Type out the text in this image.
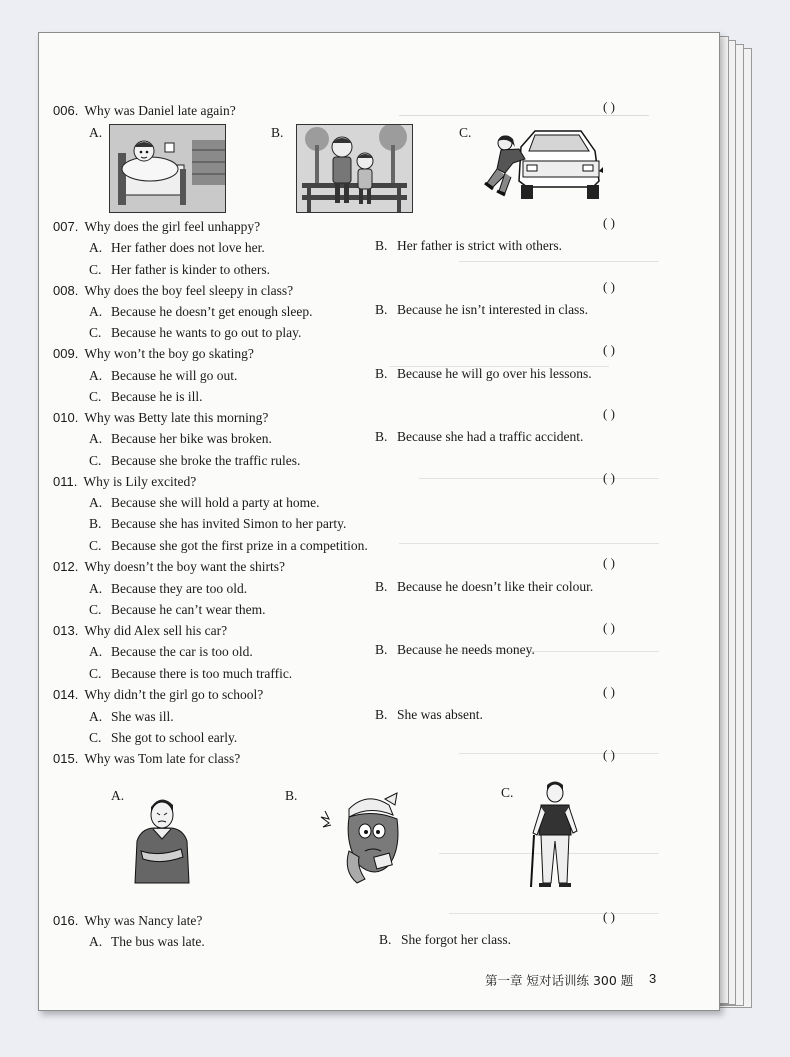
006. Why was Daniel late again?	( )
A.	B.	C.
007. Why does the girl feel unhappy?	( )
A. Her father does not love her.	B. Her father is strict with others.
C. Her father is kinder to others.
008. Why does the boy feel sleepy in class?	( )
A. Because he doesn’t get enough sleep.	B. Because he isn’t interested in class.
C. Because he wants to go out to play.
009. Why won’t the boy go skating?	( )
A. Because he will go out.	B. Because he will go over his lessons.
C. Because he is ill.
010. Why was Betty late this morning?	( )
A. Because her bike was broken.	B. Because she had a traffic accident.
C. Because she broke the traffic rules.
011. Why is Lily excited?	( )
A. Because she will hold a party at home.
B. Because she has invited Simon to her party.
C. Because she got the first prize in a competition.
012. Why doesn’t the boy want the shirts?	( )
A. Because they are too old.	B. Because he doesn’t like their colour.
C. Because he can’t wear them.
013. Why did Alex sell his car?	( )
A. Because the car is too old.	B. Because he needs money.
C. Because there is too much traffic.
014. Why didn’t the girl go to school?	( )
A. She was ill.	B. She was absent.
C. She got to school early.
015. Why was Tom late for class?	( )
A.	B.	C.
016. Why was Nancy late?	( )
A. The bus was late.	B. She forgot her class.
第一章 短对话训练 300 题 3
